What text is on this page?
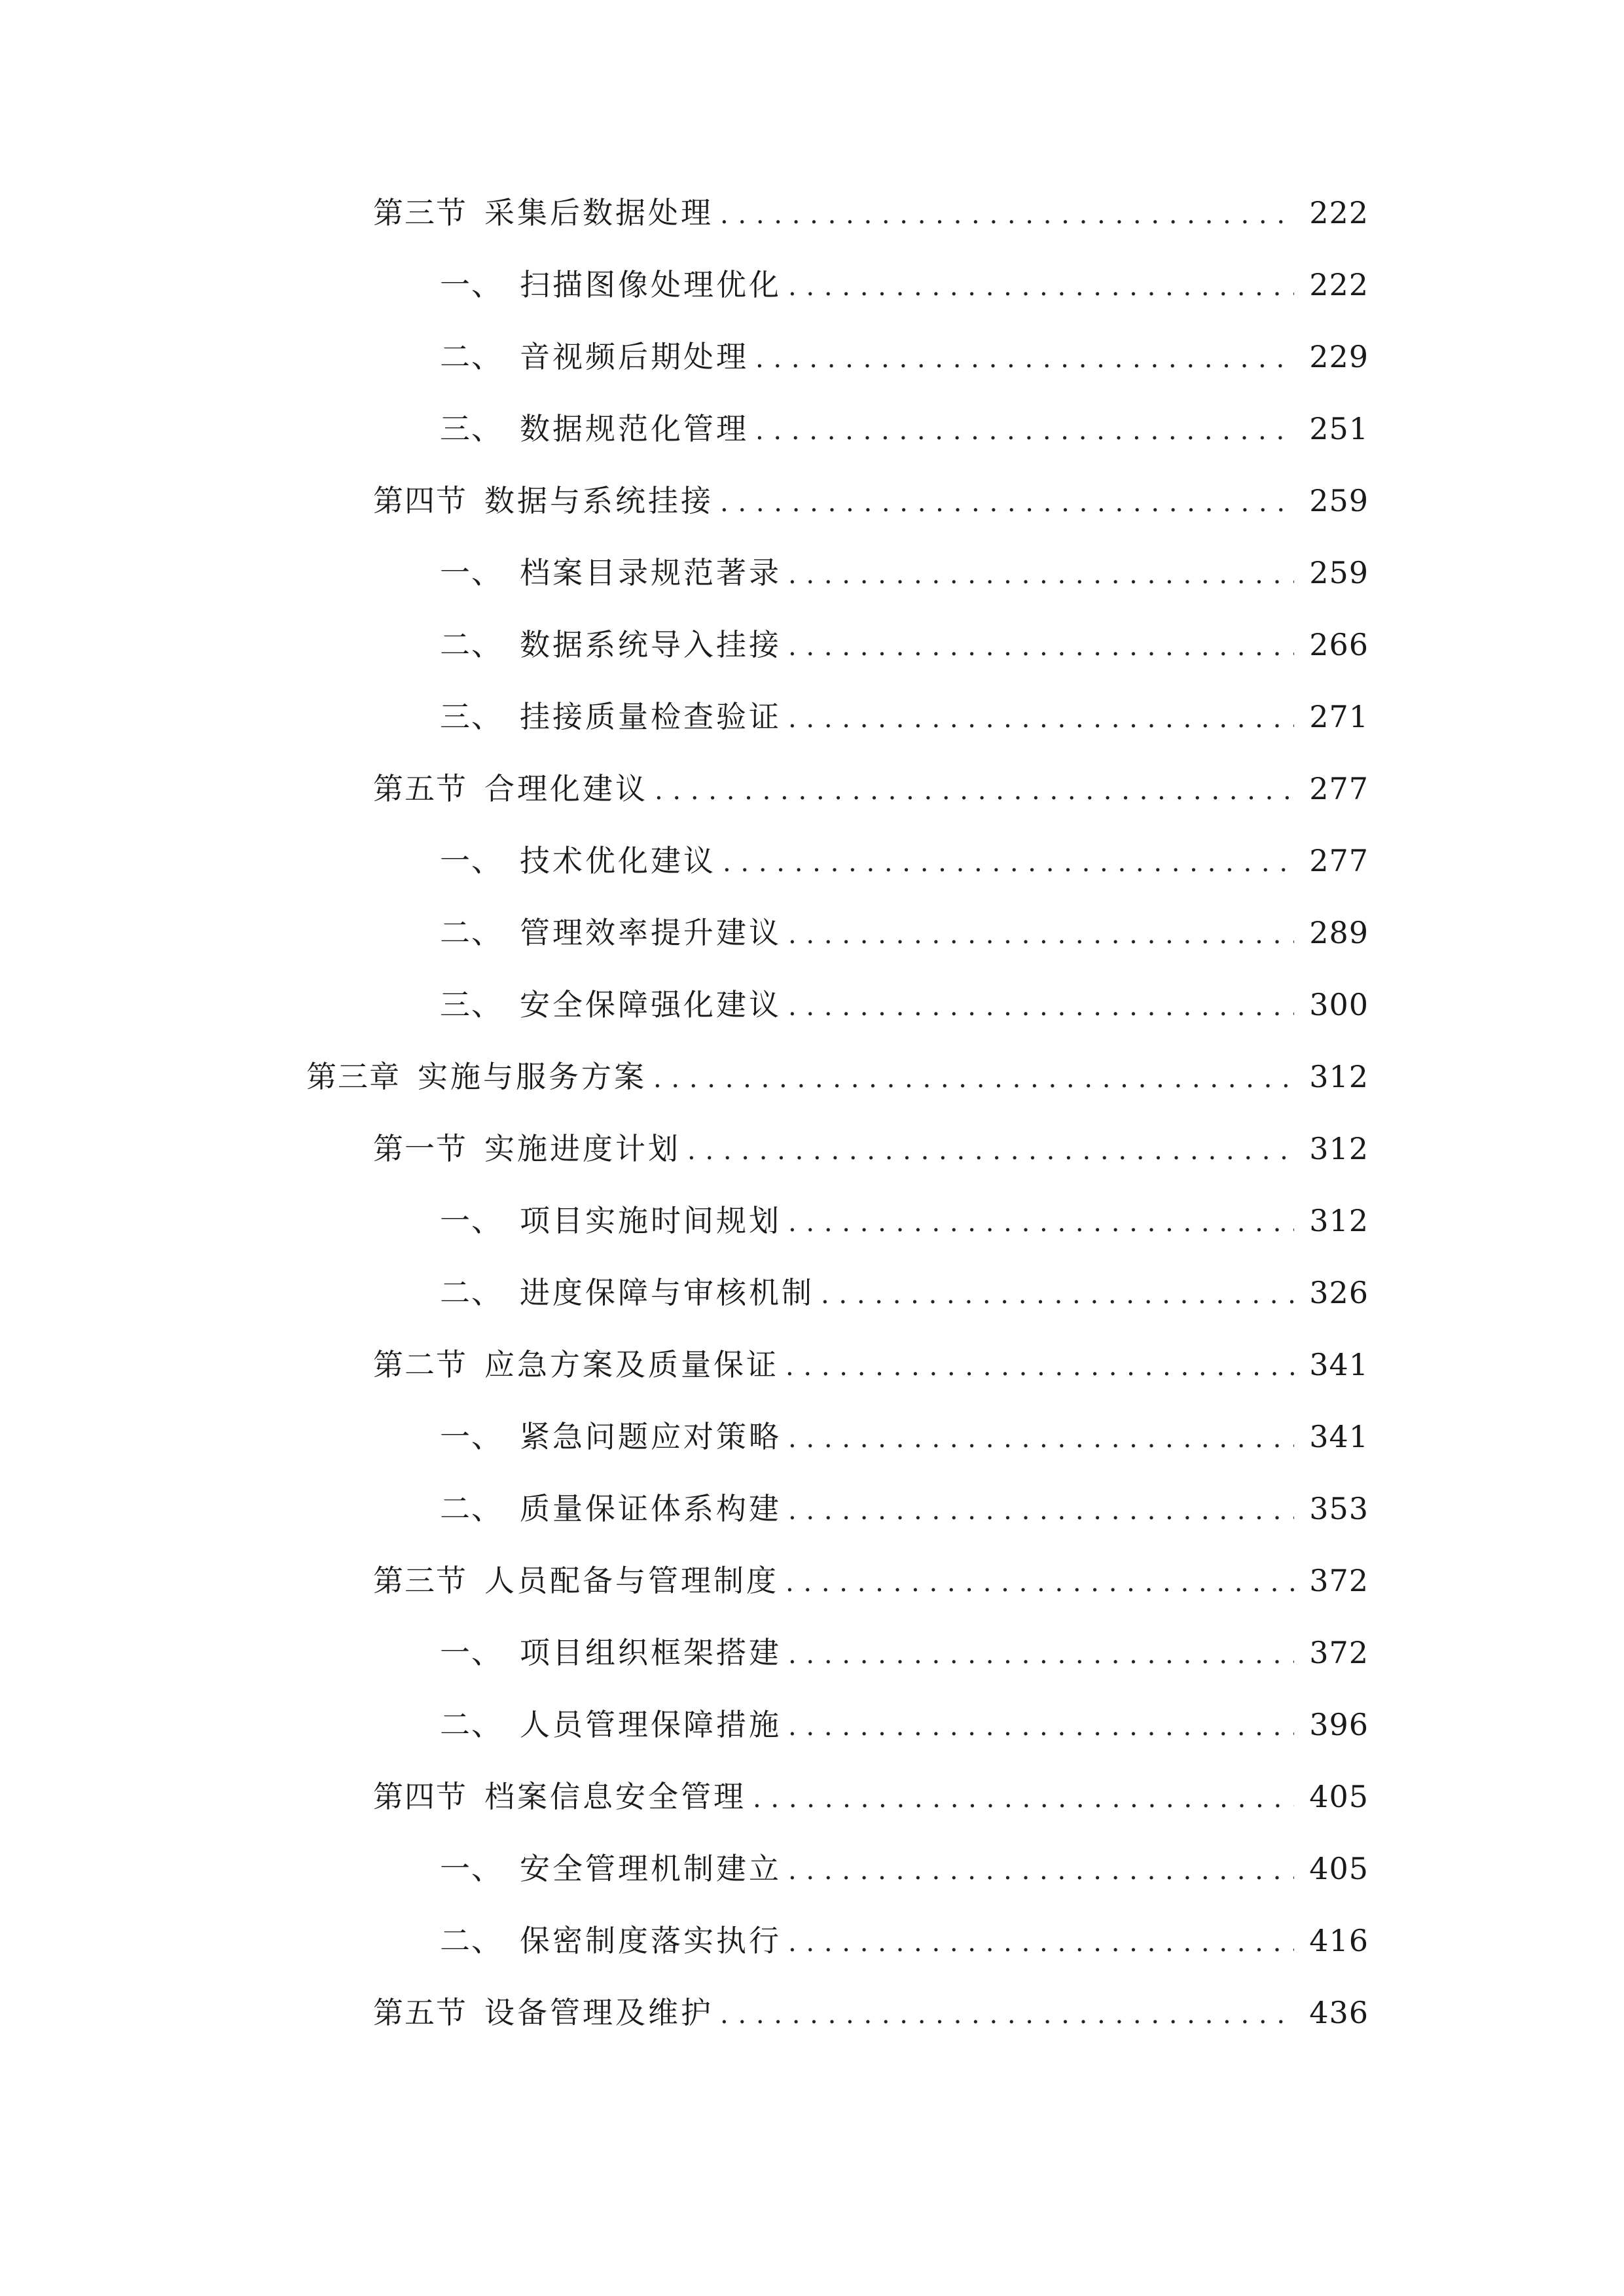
第三节 采集后数据处理 . . .	222
一、 扫描图像处理优化 . . .	222
二、 音视频后期处理 . . .	229
三、 数据规范化管理 . . .	251
第四节 数据与系统挂接 . . .	259
一、 档案目录规范著录 . . .	259
二、 数据系统导入挂接 . . .	266
三、 挂接质量检查验证 . . .	271
第五节 合理化建议 . . .	277
一、 技术优化建议 . . .	277
二、 管理效率提升建议 . . .	289
三、 安全保障强化建议 . . .	300
第三章 实施与服务方案 . . .	312
第一节 实施进度计划 . . .	312
一、 项目实施时间规划 . . .	312
二、 进度保障与审核机制 . . .	326
第二节 应急方案及质量保证 . . .	341
一、 紧急问题应对策略 . . .	341
二、 质量保证体系构建 . . .	353
第三节 人员配备与管理制度 . . .	372
一、 项目组织框架搭建 . . .	372
二、 人员管理保障措施 . . .	396
第四节 档案信息安全管理 . . .	405
一、 安全管理机制建立 . . .	405
二、 保密制度落实执行 . . .	416
第五节 设备管理及维护 . . .	436
